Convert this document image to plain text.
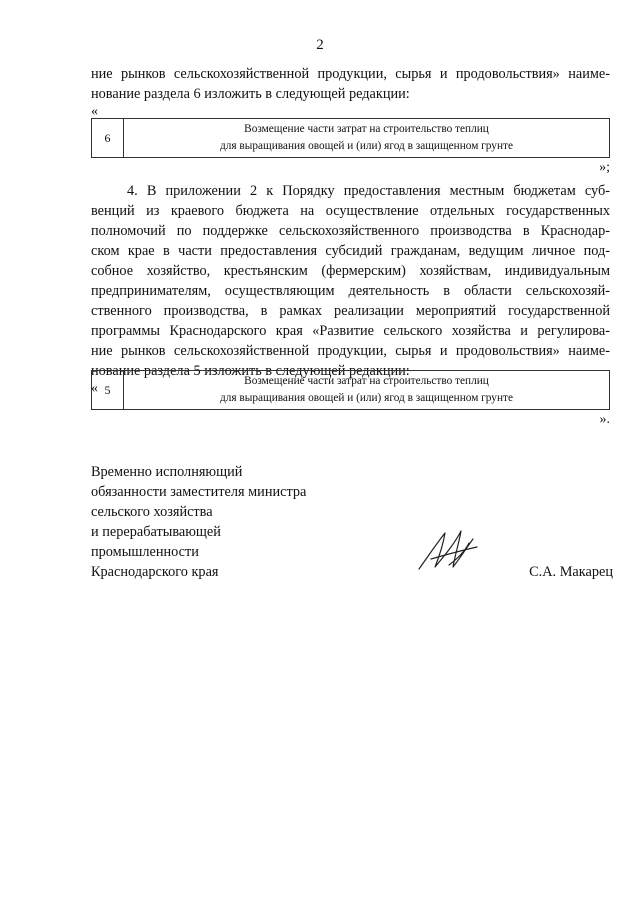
2
ние рынков сельскохозяйственной продукции, сырья и продовольствия» наиме-
нование раздела 6 изложить в следующей редакции:
«
6	
Возмещение части затрат на строительство теплиц
для выращивания овощей и (или) ягод в защищенном грунте
»;
4. В приложении 2 к Порядку предоставления местным бюджетам суб-
венций из краевого бюджета на осуществление отдельных государственных
полномочий по поддержке сельскохозяйственного производства в Краснодар-
ском крае в части предоставления субсидий гражданам, ведущим личное под-
собное хозяйство, крестьянским (фермерским) хозяйствам, индивидуальным
предпринимателям, осуществляющим деятельность в области сельскохозяй-
ственного производства, в рамках реализации мероприятий государственной
программы Краснодарского края «Развитие сельского хозяйства и регулирова-
ние рынков сельскохозяйственной продукции, сырья и продовольствия» наиме-
нование раздела 5 изложить в следующей редакции:
« 5	
Возмещение части затрат на строительство теплиц
для выращивания овощей и (или) ягод в защищенном грунте
».
Временно исполняющий
обязанности заместителя министра
сельского хозяйства
и перерабатывающей
промышленности
Краснодарского края	С.А. Макарец
